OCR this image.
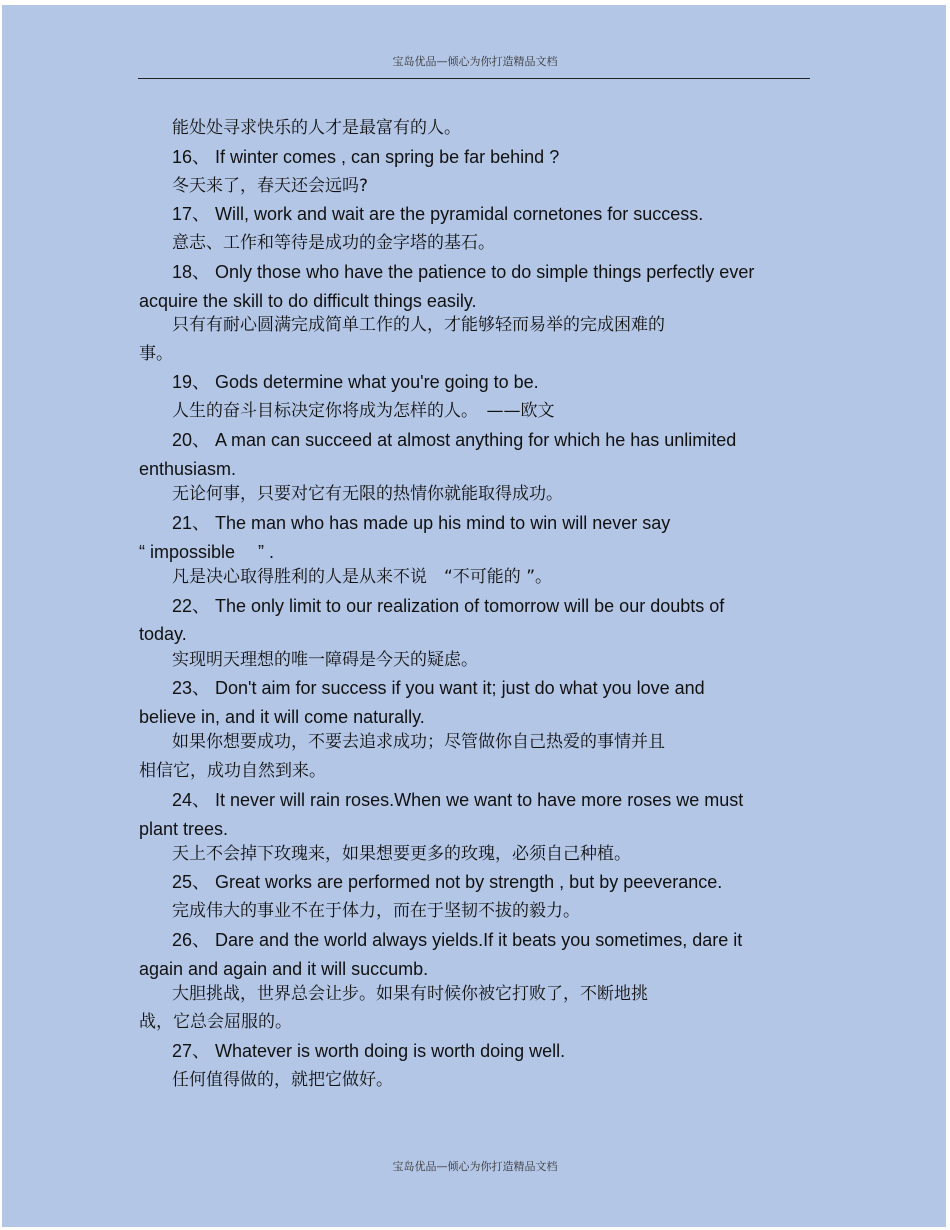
宝岛优品—倾心为你打造精品文档
能处处寻求快乐的人才是最富有的人。
16、 If winter comes , can spring be far behind ?
冬天来了，春天还会远吗?
17、 Will, work and wait are the pyramidal cornetones for success.
意志、工作和等待是成功的金字塔的基石。
18、 Only those who have the patience to do simple things perfectly ever
acquire the skill to do difficult things easily.
只有有耐心圆满完成简单工作的人，才能够轻而易举的完成困难的
事。
19、 Gods determine what you're going to be.
人生的奋斗目标决定你将成为怎样的人。　——欧文
20、 A man can succeed at almost anything for which he has unlimited
enthusiasm.
无论何事，只要对它有无限的热情你就能取得成功。
21、 The man who has made up his mind to win will never say
“ impossible　 ” .
凡是决心取得胜利的人是从来不说　“不可能的 ”。
22、 The only limit to our realization of tomorrow will be our doubts of
today.
实现明天理想的唯一障碍是今天的疑虑。
23、 Don't aim for success if you want it; just do what you love and
believe in, and it will come naturally.
如果你想要成功，不要去追求成功；尽管做你自己热爱的事情并且
相信它，成功自然到来。
24、 It never will rain roses.When we want to have more roses we must
plant trees.
天上不会掉下玫瑰来，如果想要更多的玫瑰，必须自己种植。
25、 Great works are performed not by strength , but by peeverance.
完成伟大的事业不在于体力，而在于坚韧不拔的毅力。
26、 Dare and the world always yields.If it beats you sometimes, dare it
again and again and it will succumb.
大胆挑战，世界总会让步。如果有时候你被它打败了，不断地挑
战，它总会屈服的。
27、 Whatever is worth doing is worth doing well.
任何值得做的，就把它做好。
宝岛优品—倾心为你打造精品文档
